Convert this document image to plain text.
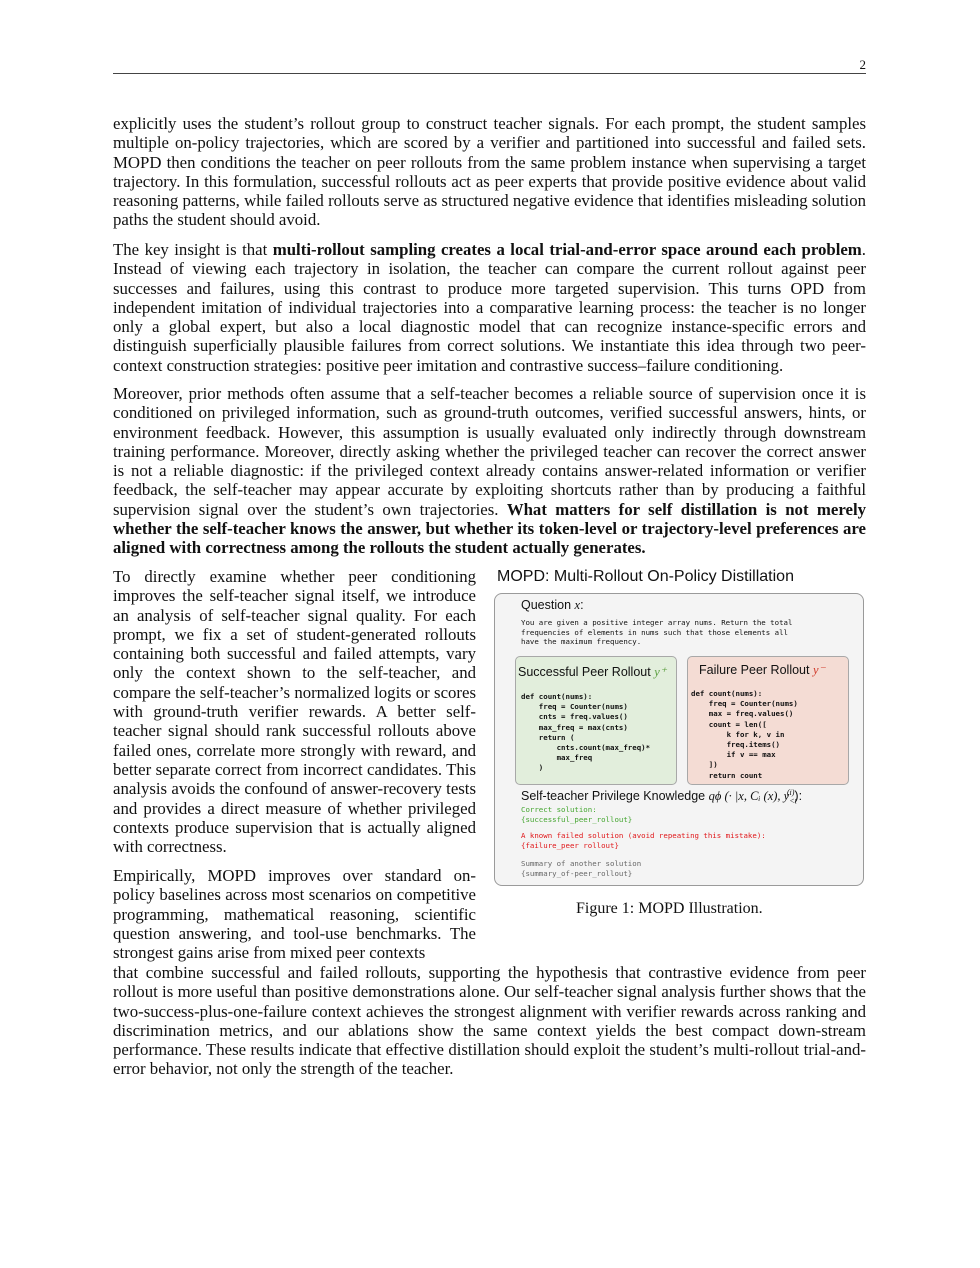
2

explicitly uses the student’s rollout group to construct teacher signals. For each prompt, the student samples multiple on-policy trajectories, which are scored by a verifier and partitioned into successful and failed sets. MOPD then conditions the teacher on peer rollouts from the same problem instance when supervising a target trajectory. In this formulation, successful rollouts act as peer experts that provide positive evidence about valid reasoning patterns, while failed rollouts serve as structured negative evidence that identifies misleading solution paths the student should avoid.

The key insight is that multi-rollout sampling creates a local trial-and-error space around each problem. Instead of viewing each trajectory in isolation, the teacher can compare the current rollout against peer successes and failures, using this contrast to produce more targeted supervision. This turns OPD from independent imitation of individual trajectories into a comparative learning process: the teacher is no longer only a global expert, but also a local diagnostic model that can recognize instance-specific errors and distinguish superficially plausible failures from correct solutions. We instantiate this idea through two peer-context construction strategies: positive peer imitation and contrastive success–failure conditioning.

Moreover, prior methods often assume that a self-teacher becomes a reliable source of supervision once it is conditioned on privileged information, such as ground-truth outcomes, verified successful answers, hints, or environment feedback. However, this assumption is usually evaluated only indirectly through downstream training performance. Moreover, directly asking whether the privileged teacher can recover the correct answer is not a reliable diagnostic: if the privileged context already contains answer-related information or verifier feedback, the self-teacher may appear accurate by exploiting shortcuts rather than by producing a faithful supervision signal over the student’s own trajectories. What matters for self distillation is not merely whether the self-teacher knows the answer, but whether its token-level or trajectory-level preferences are aligned with correctness among the rollouts the student actually generates.

To directly examine whether peer conditioning improves the self-teacher signal itself, we introduce an analysis of self-teacher signal quality. For each prompt, we fix a set of student-generated rollouts containing both successful and failed attempts, vary only the context shown to the self-teacher, and compare the self-teacher’s normalized logits or scores with ground-truth verifier rewards. A better self-teacher signal should rank successful rollouts above failed ones, correlate more strongly with reward, and better separate correct from incorrect candidates. This analysis avoids the confound of answer-recovery tests and provides a direct measure of whether privileged contexts produce supervision that is actually aligned with correctness.

Empirically, MOPD improves over standard on-policy baselines across most scenarios on competitive programming, mathematical reasoning, scientific question answering, and tool-use benchmarks. The strongest gains arise from mixed peer contexts

that combine successful and failed rollouts, supporting the hypothesis that contrastive evidence from peer rollout is more useful than positive demonstrations alone. Our self-teacher signal analysis further shows that the two-success-plus-one-failure context achieves the strongest alignment with verifier rewards across ranking and discrimination metrics, and our ablations show the same context yields the best compact down-stream performance. These results indicate that effective distillation should exploit the student’s multi-rollout trial-and-error behavior, not only the strength of the teacher.

MOPD: Multi-Rollout On-Policy Distillation
Question x:
You are given a positive integer array nums. Return the total
frequencies of elements in nums such that those elements all
have the maximum frequency.
Successful Peer Rollout y⁺
def count(nums):
freq = Counter(nums)
cnts = freq.values()
max_freq = max(cnts)
return (
cnts.count(max_freq)*
max_freq
)
Failure Peer Rollout y⁻
def count(nums):
freq = Counter(nums)
max = freq.values()
count = len([
k for k, v in
freq.items()
if v == max
])
return count
Self-teacher Privilege Knowledge qϕ (· |x, Cᵢ (x), $y_{<t}^{(i)}$):
Correct solution:
{successful_peer_rollout}
A known failed solution (avoid repeating this mistake):
{failure_peer rollout}
Summary of another solution
{summary_of-peer_rollout}
Figure 1: MOPD Illustration.
